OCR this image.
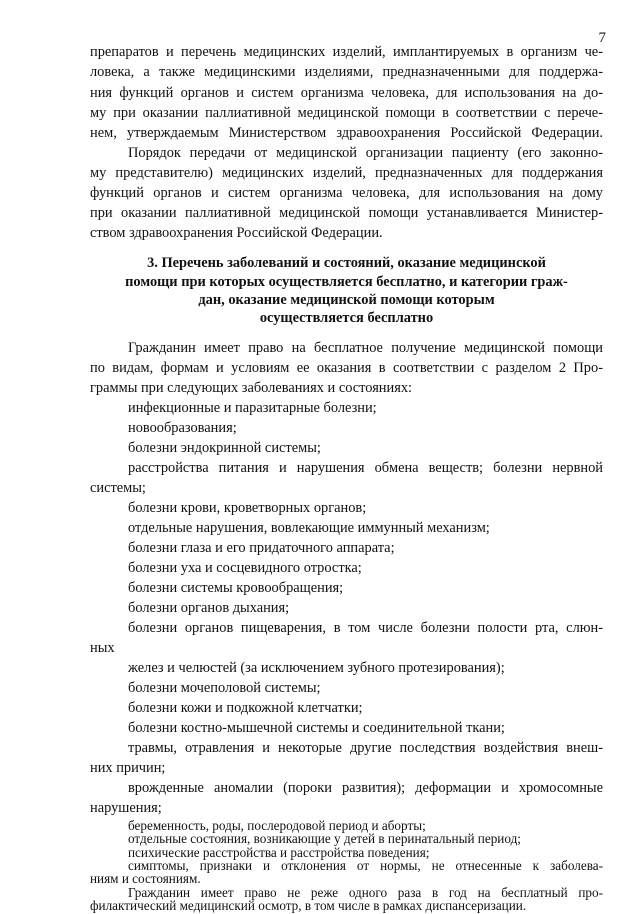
7
препаратов и перечень медицинских изделий, имплантируемых в организм че-
ловека, а также медицинскими изделиями, предназначенными для поддержа-
ния функций органов и систем организма человека, для использования на до-
му при оказании паллиативной медицинской помощи в соответствии с перече-
нем, утверждаемым Министерством здравоохранения Российской Федерации.
Порядок передачи от медицинской организации пациенту (его законно-
му представителю) медицинских изделий, предназначенных для поддержания
функций органов и систем организма человека, для использования на дому
при оказании паллиативной медицинской помощи устанавливается Министер-
ством здравоохранения Российской Федерации.
3. Перечень заболеваний и состояний, оказание медицинской
помощи при которых осуществляется бесплатно, и категории граж-
дан, оказание медицинской помощи которым
осуществляется бесплатно
Гражданин имеет право на бесплатное получение медицинской помощи
по видам, формам и условиям ее оказания в соответствии с разделом 2 Про-
граммы при следующих заболеваниях и состояниях:
инфекционные и паразитарные болезни;
новообразования;
болезни эндокринной системы;
расстройства питания и нарушения обмена веществ; болезни нервной
системы;
болезни крови, кроветворных органов;
отдельные нарушения, вовлекающие иммунный механизм;
болезни глаза и его придаточного аппарата;
болезни уха и сосцевидного отростка;
болезни системы кровообращения;
болезни органов дыхания;
болезни органов пищеварения, в том числе болезни полости рта, слюн-
ных
желез и челюстей (за исключением зубного протезирования);
болезни мочеполовой системы;
болезни кожи и подкожной клетчатки;
болезни костно-мышечной системы и соединительной ткани;
травмы, отравления и некоторые другие последствия воздействия внеш-
них причин;
врожденные аномалии (пороки развития); деформации и хромосомные
нарушения;
беременность, роды, послеродовой период и аборты;
отдельные состояния, возникающие у детей в перинатальный период;
психические расстройства и расстройства поведения;
симптомы, признаки и отклонения от нормы, не отнесенные к заболева-
ниям и состояниям.
Гражданин имеет право не реже одного раза в год на бесплатный про-
филактический медицинский осмотр, в том числе в рамках диспансеризации.
